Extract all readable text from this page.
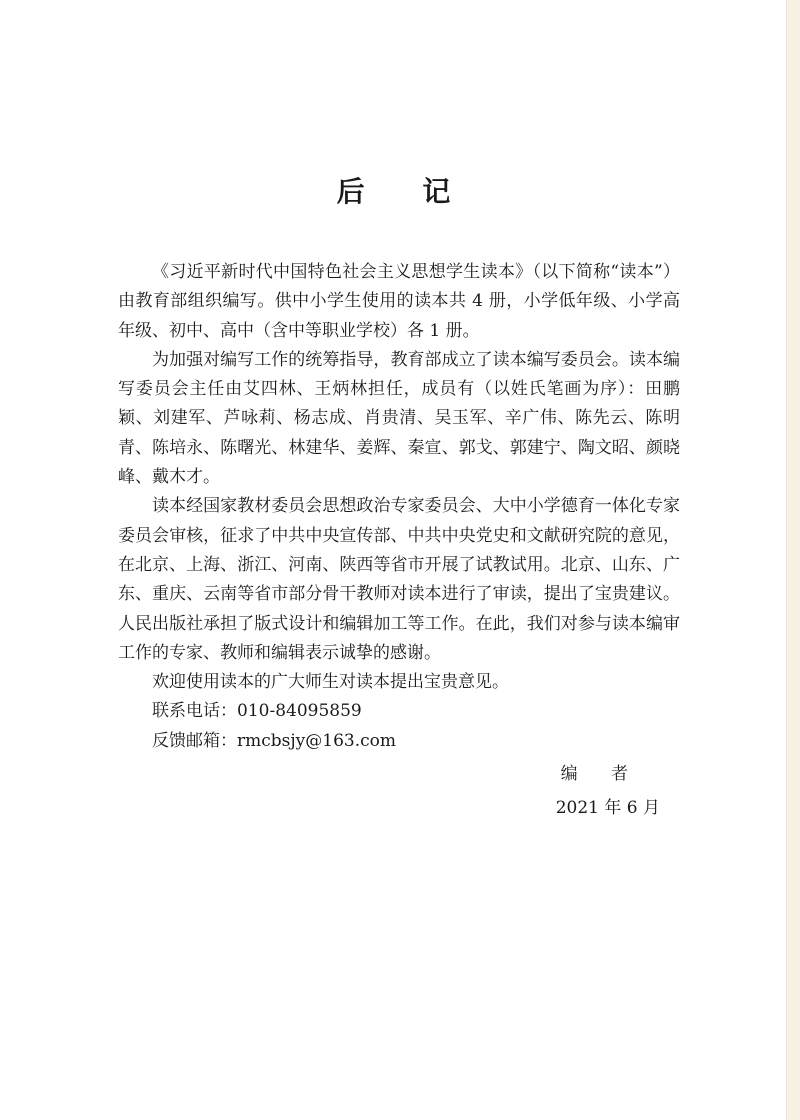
后 记

《习近平新时代中国特色社会主义思想学生读本》（以下简称“读本”）由教育部组织编写。供中小学生使用的读本共 4 册，小学低年级、小学高年级、初中、高中（含中等职业学校）各 1 册。

为加强对编写工作的统筹指导，教育部成立了读本编写委员会。读本编写委员会主任由艾四林、王炳林担任，成员有（以姓氏笔画为序）：田鹏颖、刘建军、芦咏莉、杨志成、肖贵清、吴玉军、辛广伟、陈先云、陈明青、陈培永、陈曙光、林建华、姜辉、秦宣、郭戈、郭建宁、陶文昭、颜晓峰、戴木才。

读本经国家教材委员会思想政治专家委员会、大中小学德育一体化专家委员会审核，征求了中共中央宣传部、中共中央党史和文献研究院的意见，在北京、上海、浙江、河南、陕西等省市开展了试教试用。北京、山东、广东、重庆、云南等省市部分骨干教师对读本进行了审读，提出了宝贵建议。人民出版社承担了版式设计和编辑加工等工作。在此，我们对参与读本编审工作的专家、教师和编辑表示诚挚的感谢。

欢迎使用读本的广大师生对读本提出宝贵意见。

联系电话：010-84095859

反馈邮箱：rmcbsjy@163.com

编 者
2021 年 6 月
